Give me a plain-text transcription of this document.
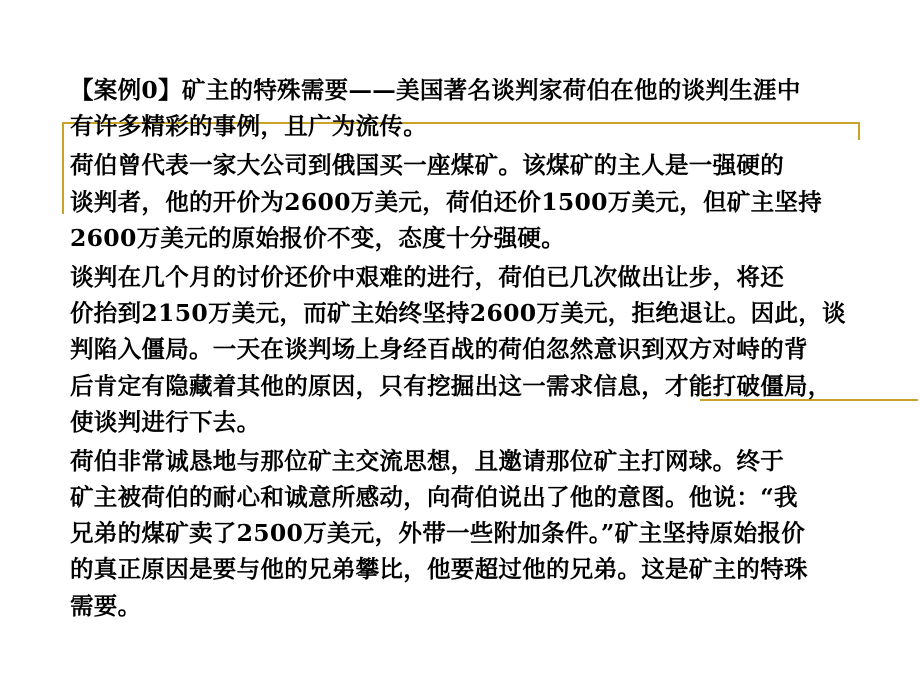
【案例0】矿主的特殊需要——美国著名谈判家荷伯在他的谈判生涯中
有许多精彩的事例，且广为流传。
荷伯曾代表一家大公司到俄国买一座煤矿。该煤矿的主人是一强硬的
谈判者，他的开价为2600万美元，荷伯还价1500万美元，但矿主坚持
2600万美元的原始报价不变，态度十分强硬。
谈判在几个月的讨价还价中艰难的进行，荷伯已几次做出让步，将还
价抬到2150万美元，而矿主始终坚持2600万美元，拒绝退让。因此，谈
判陷入僵局。一天在谈判场上身经百战的荷伯忽然意识到双方对峙的背
后肯定有隐藏着其他的原因，只有挖掘出这一需求信息，才能打破僵局，
使谈判进行下去。
荷伯非常诚恳地与那位矿主交流思想，且邀请那位矿主打网球。终于
矿主被荷伯的耐心和诚意所感动，向荷伯说出了他的意图。他说：“我
兄弟的煤矿卖了2500万美元，外带一些附加条件。”矿主坚持原始报价
的真正原因是要与他的兄弟攀比，他要超过他的兄弟。这是矿主的特珠
需要。
